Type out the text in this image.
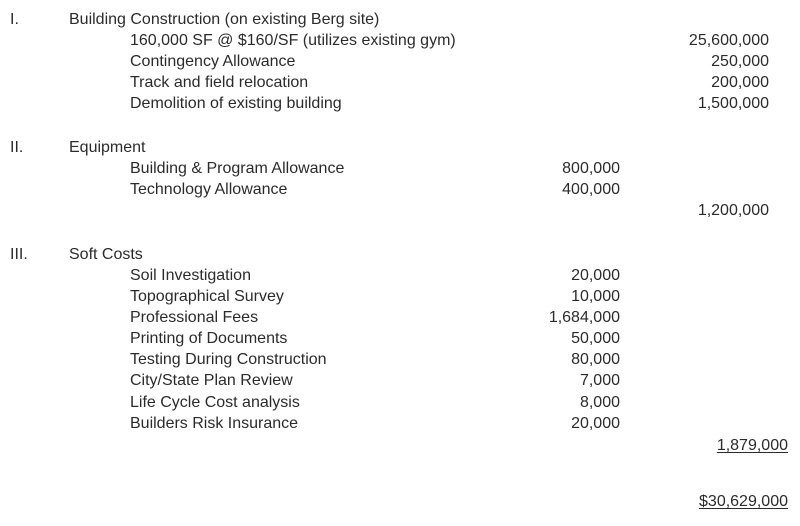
I.	Building Construction (on existing Berg site)
160,000 SF @ $160/SF (utilizes existing gym)	25,600,000
Contingency Allowance	250,000
Track and field relocation	200,000
Demolition of existing building	1,500,000
II.	Equipment
Building & Program Allowance	800,000
Technology Allowance	400,000
1,200,000
III.	Soft Costs
Soil Investigation	20,000
Topographical Survey	10,000
Professional Fees	1,684,000
Printing of Documents	50,000
Testing During Construction	80,000
City/State Plan Review	7,000
Life Cycle Cost analysis	8,000
Builders Risk Insurance	20,000
1,879,000
$30,629,000
